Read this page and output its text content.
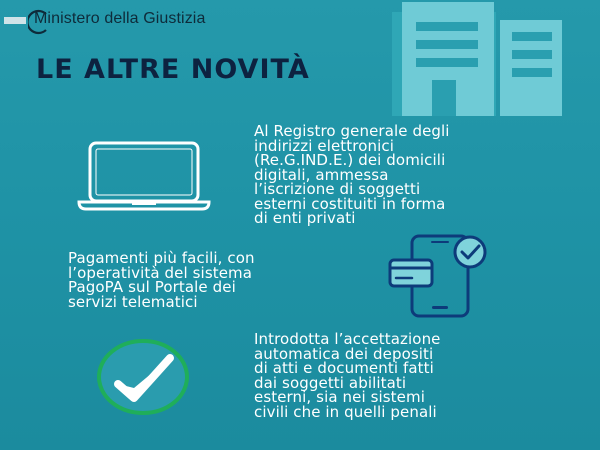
Ministero della Giustizia
LE ALTRE NOVITÀ

Al Registro generale degli
indirizzi elettronici
(Re.G.IND.E.) dei domicili
digitali, ammessa
l’iscrizione di soggetti
esterni costituiti in forma
di enti privati

Pagamenti più facili, con
l’operatività del sistema
PagoPA sul Portale dei
servizi telematici

Introdotta l’accettazione
automatica dei depositi
di atti e documenti fatti
dai soggetti abilitati
esterni, sia nei sistemi
civili che in quelli penali
